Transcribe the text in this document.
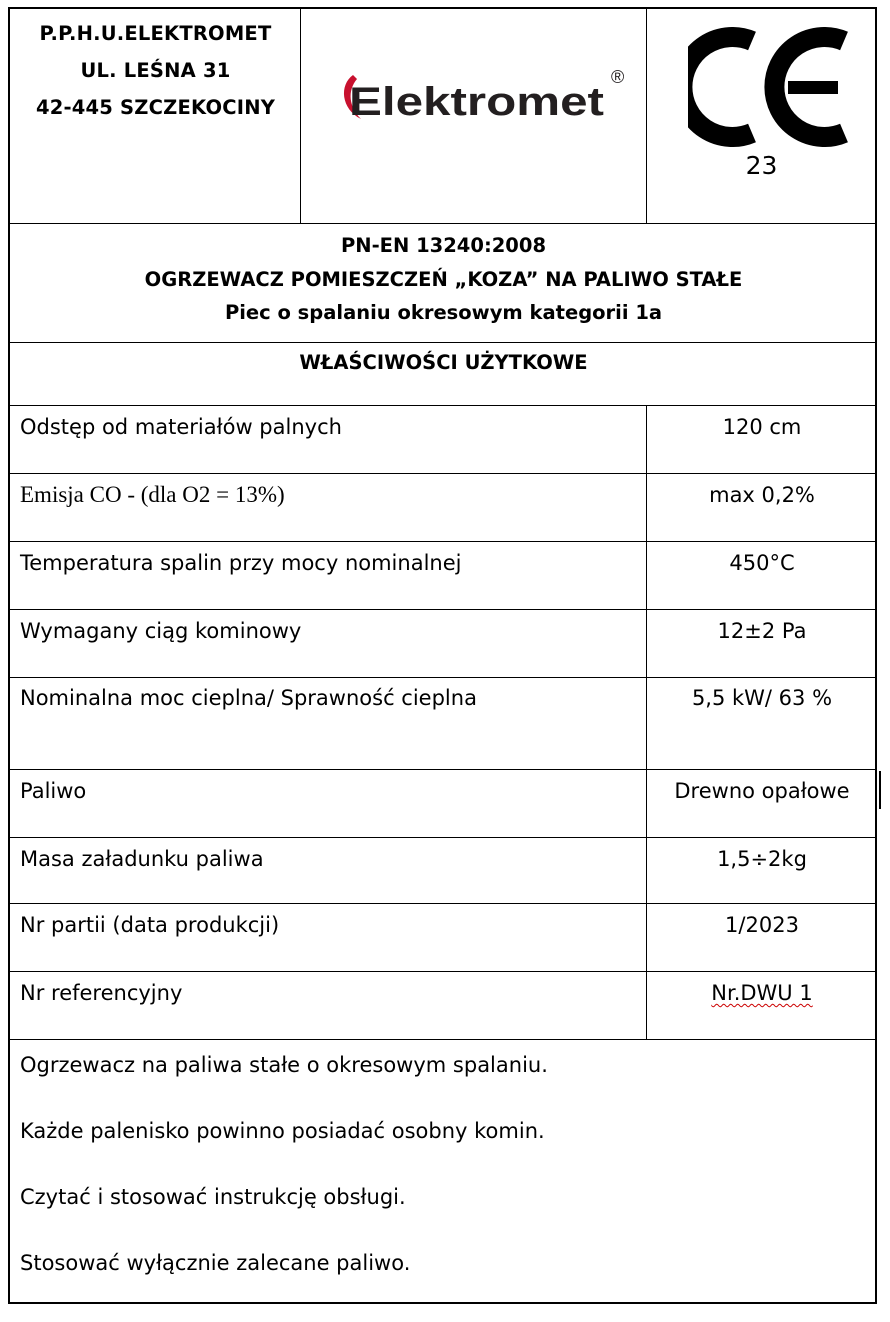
P.P.H.U.ELEKTROMET
UL. LEŚNA 31
42-445 SZCZEKOCINY	Elektromet
®
23
PN-EN 13240:2008
OGRZEWACZ POMIESZCZEŃ „KOZA” NA PALIWO STAŁE
Piec o spalaniu okresowym kategorii 1a
WŁAŚCIWOŚCI UŻYTKOWE
Odstęp od materiałów palnych	120 cm
Emisja CO - (dla O2 = 13%)	max 0,2%
Temperatura spalin przy mocy nominalnej	450°C
Wymagany ciąg kominowy	12±2 Pa
Nominalna moc cieplna/ Sprawność cieplna	5,5 kW/ 63 %
Paliwo	Drewno opałowe
Masa załadunku paliwa	1,5÷2kg
Nr partii (data produkcji)	1/2023
Nr referencyjny	Nr.DWU 1
Ogrzewacz na paliwa stałe o okresowym spalaniu.
Każde palenisko powinno posiadać osobny komin.
Czytać i stosować instrukcję obsługi.
Stosować wyłącznie zalecane paliwo.
